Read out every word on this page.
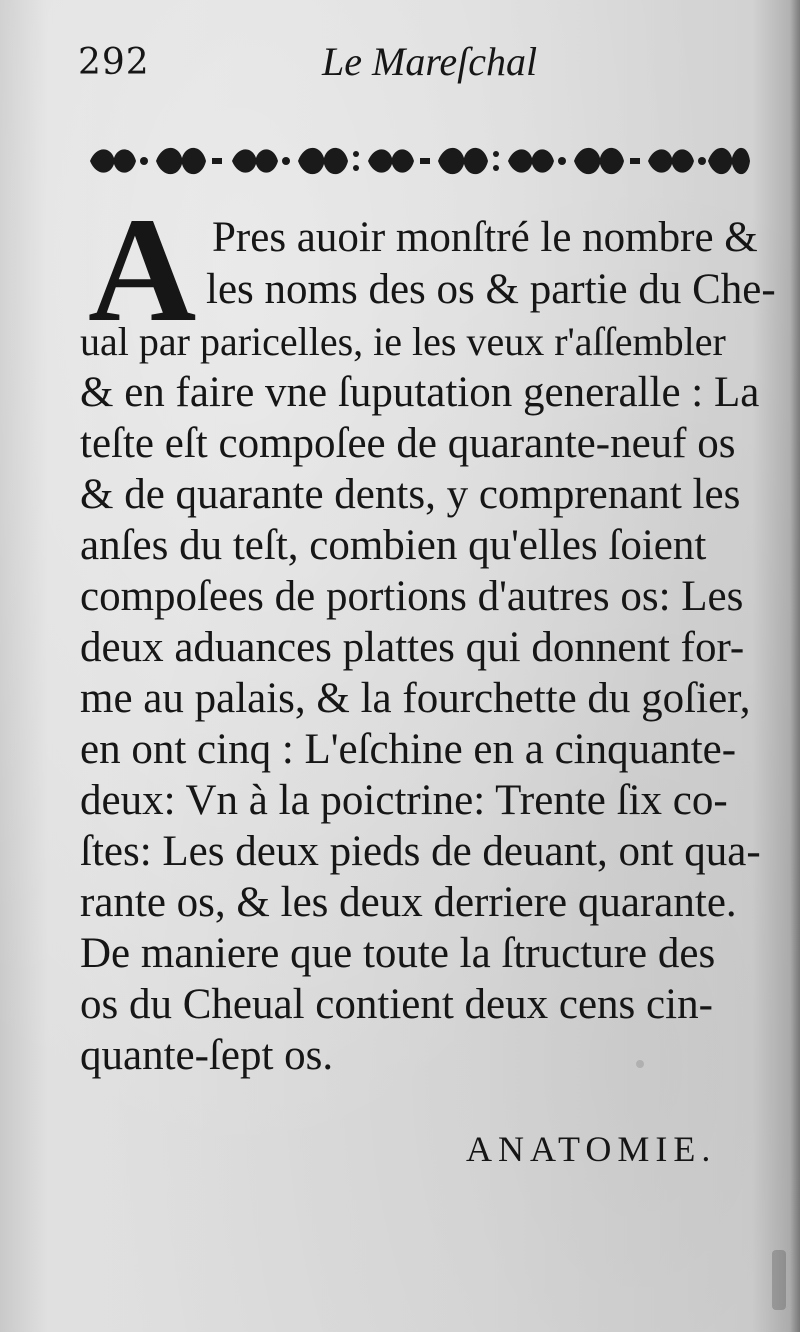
292	Le Mareſchal
A Pres auoir monſtré le nombre &

les noms des os & partie du Che-

ual par paricelles, ie les veux r'aſſembler

& en faire vne ſuputation generalle : La

teſte eſt compoſee de quarante-neuf os

& de quarante dents, y comprenant les

anſes du teſt, combien qu'elles ſoient

compoſees de portions d'autres os: Les

deux aduances plattes qui donnent for-

me au palais, & la fourchette du goſier,

en ont cinq : L'eſchine en a cinquante-

deux: Vn à la poictrine: Trente ſix co-

ſtes: Les deux pieds de deuant, ont qua-

rante os, & les deux derriere quarante.

De maniere que toute la ſtructure des

os du Cheual contient deux cens cin-

quante-ſept os.

ANATOMIE.
